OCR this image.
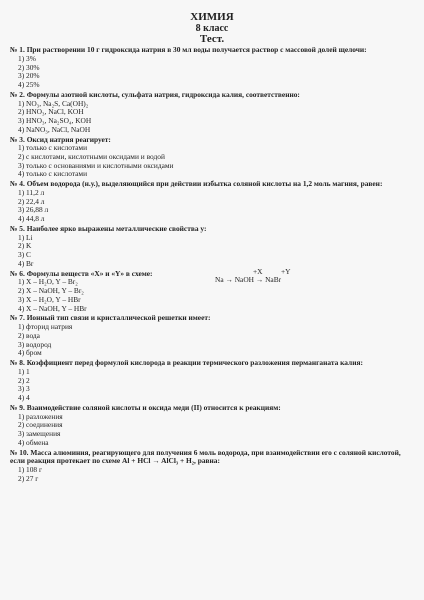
ХИМИЯ
8 класс
Тест.
№ 1. При растворении 10 г гидроксида натрия в 30 мл воды получается раствор с массовой долей щелочи:
1) 3%
2) 30%
3) 20%
4) 25%
№ 2. Формулы азотной кислоты, сульфата натрия, гидроксида калия, соответственно:
1) NO₃, Na₂S, Ca(OH)₂
2) HNO₃, NaCl, KOH
3) HNO₃, Na₂SO₄, KOH
4) NaNO₃, NaCl, NaOH
№ 3. Оксид натрия реагирует:
1) только с кислотами
2) с кислотами, кислотными оксидами и водой
3) только с основаниями и кислотными оксидами
4) только с кислотами
№ 4. Объем водорода (н.у.), выделяющийся при действии избытка соляной кислоты на 1,2 моль магния, равен:
1) 11,2 л
2) 22,4 л
3) 26,88 л
4) 44,8 л
№ 5. Наиболее ярко выражены металлические свойства у:
1) Li
2) K
3) C
4) Br
№ 6. Формулы веществ «X» и «Y» в схеме:	+X +Y
Na → NaOH → NaBr
1) X – H₂O, Y – Br₂
2) X – NaOH, Y – Br₂
3) X – H₂O, Y – HBr
4) X – NaOH, Y – HBr
№ 7. Ионный тип связи и кристаллической решетки имеет:
1) фторид натрия
2) вода
3) водород
4) бром
№ 8. Коэффициент перед формулой кислорода в реакции термического разложения перманганата калия:
1) 1
2) 2
3) 3
4) 4
№ 9. Взаимодействие соляной кислоты и оксида меди (II) относится к реакциям:
1) разложения
2) соединения
3) замещения
4) обмена
№ 10. Масса алюминия, реагирующего для получения 6 моль водорода, при взаимодействии его с соляной кислотой, если реакция протекает по схеме Al + HCl → AlCl₃ + H₂, равна:
1) 108 г
2) 27 г
